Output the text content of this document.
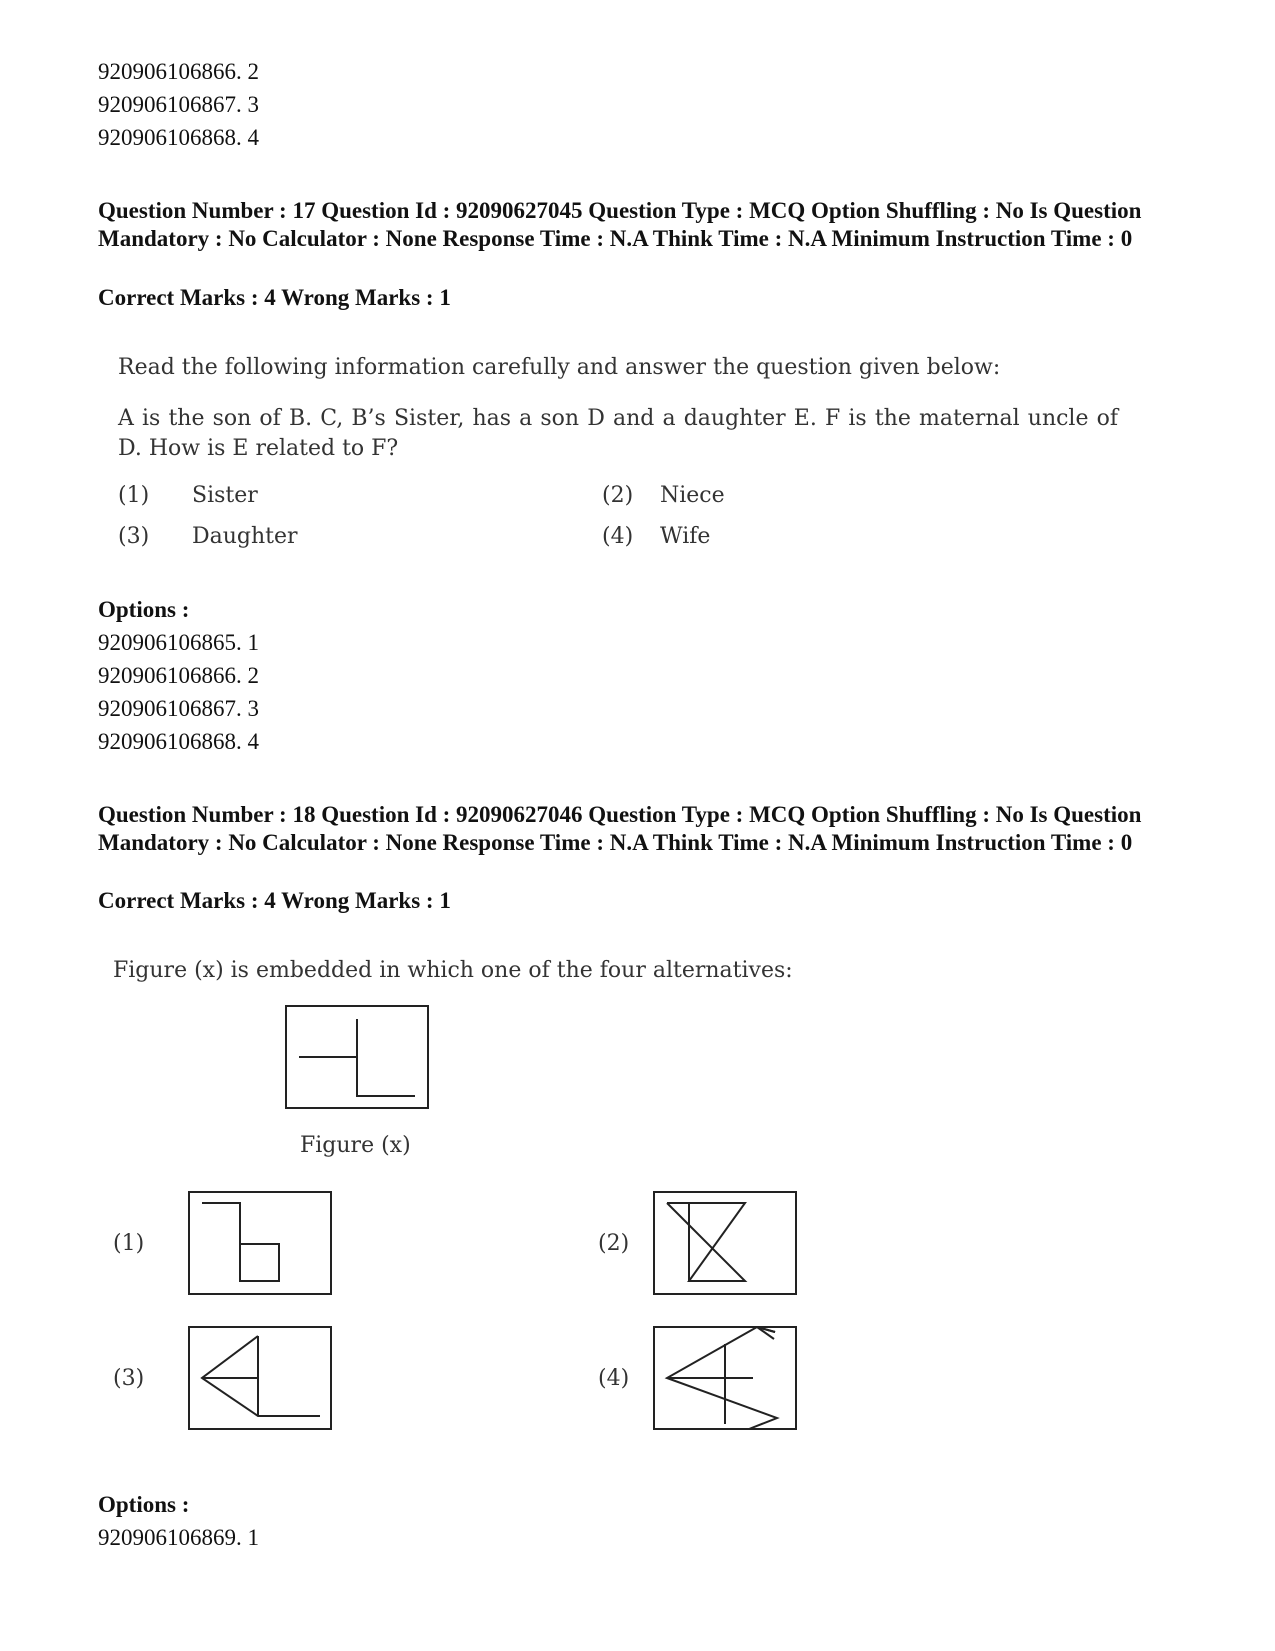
920906106866. 2
920906106867. 3
920906106868. 4
Question Number : 17 Question Id : 92090627045 Question Type : MCQ Option Shuffling : No Is Question Mandatory : No Calculator : None Response Time : N.A Think Time : N.A Minimum Instruction Time : 0
Correct Marks : 4 Wrong Marks : 1
Read the following information carefully and answer the question given below:
A is the son of B. C, B’s Sister, has a son D and a daughter E. F is the maternal uncle of D. How is E related to F?
(1) Sister	(2) Niece
(3) Daughter	(4) Wife
Options :
920906106865. 1
920906106866. 2
920906106867. 3
920906106868. 4
Question Number : 18 Question Id : 92090627046 Question Type : MCQ Option Shuffling : No Is Question Mandatory : No Calculator : None Response Time : N.A Think Time : N.A Minimum Instruction Time : 0
Correct Marks : 4 Wrong Marks : 1
Figure (x) is embedded in which one of the four alternatives:
Figure (x)
(1)	(2)
(3)	(4)
Options :
920906106869. 1
